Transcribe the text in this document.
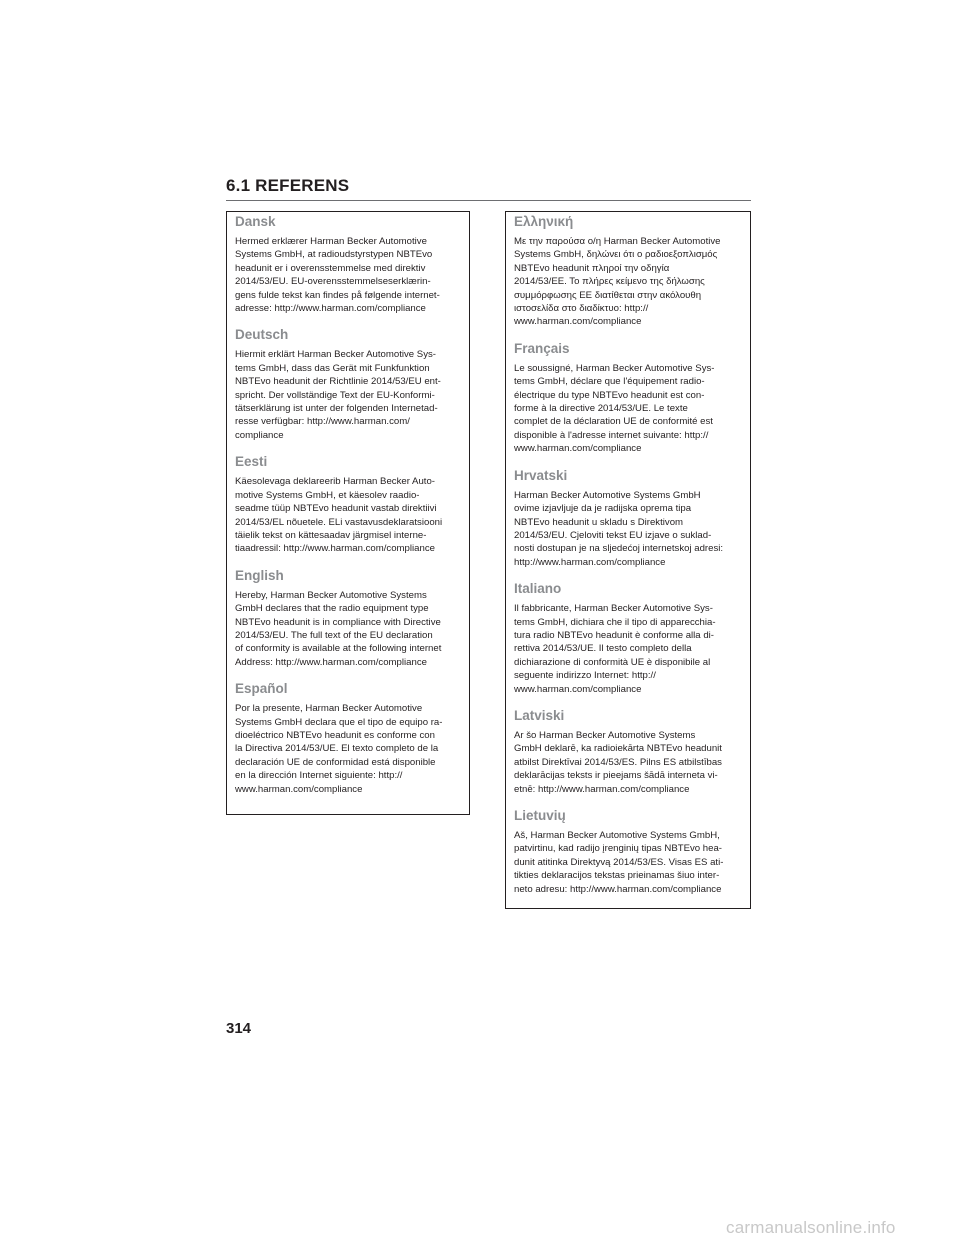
6.1 REFERENS
Dansk

Hermed erklærer Harman Becker Automotive
Systems GmbH, at radioudstyrstypen NBTEvo
headunit er i overensstemmelse med direktiv
2014/53/EU. EU-overensstemmelseserklærin-
gens fulde tekst kan findes på følgende internet-
adresse: http://www.harman.com/compliance

Deutsch

Hiermit erklärt Harman Becker Automotive Sys-
tems GmbH, dass das Gerät mit Funkfunktion
NBTEvo headunit der Richtlinie 2014/53/EU ent-
spricht. Der vollständige Text der EU-Konformi-
tätserklärung ist unter der folgenden Internetad-
resse verfügbar: http://www.harman.com/
compliance

Eesti

Käesolevaga deklareerib Harman Becker Auto-
motive Systems GmbH, et käesolev raadio-
seadme tüüp NBTEvo headunit vastab direktiivi
2014/53/EL nõuetele. ELi vastavusdeklaratsiooni
täielik tekst on kättesaadav järgmisel interne-
tiaadressil: http://www.harman.com/compliance

English

Hereby, Harman Becker Automotive Systems
GmbH declares that the radio equipment type
NBTEvo headunit is in compliance with Directive
2014/53/EU. The full text of the EU declaration
of conformity is available at the following internet
Address: http://www.harman.com/compliance

Español

Por la presente, Harman Becker Automotive
Systems GmbH declara que el tipo de equipo ra-
dioeléctrico NBTEvo headunit es conforme con
la Directiva 2014/53/UE. El texto completo de la
declaración UE de conformidad está disponible
en la dirección Internet siguiente: http://
www.harman.com/compliance

Ελληνική

Με την παρούσα ο/η Harman Becker Automotive
Systems GmbH, δηλώνει ότι ο ραδιοεξοπλισμός
NBTEvo headunit πληροί την οδηγία
2014/53/ΕΕ. Το πλήρες κείμενο της δήλωσης
συμμόρφωσης ΕΕ διατίθεται στην ακόλουθη
ιστοσελίδα στο διαδίκτυο: http://
www.harman.com/compliance

Français

Le soussigné, Harman Becker Automotive Sys-
tems GmbH, déclare que l'équipement radio-
électrique du type NBTEvo headunit est con-
forme à la directive 2014/53/UE. Le texte
complet de la déclaration UE de conformité est
disponible à l'adresse internet suivante: http://
www.harman.com/compliance

Hrvatski

Harman Becker Automotive Systems GmbH
ovime izjavljuje da je radijska oprema tipa
NBTEvo headunit u skladu s Direktivom
2014/53/EU. Cjeloviti tekst EU izjave o suklad-
nosti dostupan je na sljedećoj internetskoj adresi:
http://www.harman.com/compliance

Italiano

Il fabbricante, Harman Becker Automotive Sys-
tems GmbH, dichiara che il tipo di apparecchia-
tura radio NBTEvo headunit è conforme alla di-
rettiva 2014/53/UE. Il testo completo della
dichiarazione di conformità UE è disponibile al
seguente indirizzo Internet: http://
www.harman.com/compliance

Latviski

Ar šo Harman Becker Automotive Systems
GmbH deklarē, ka radioiekārta NBTEvo headunit
atbilst Direktīvai 2014/53/ES. Pilns ES atbilstības
deklarācijas teksts ir pieejams šādā interneta vi-
etnē: http://www.harman.com/compliance

Lietuvių

Aš, Harman Becker Automotive Systems GmbH,
patvirtinu, kad radijo įrenginių tipas NBTEvo hea-
dunit atitinka Direktyvą 2014/53/ES. Visas ES ati-
tikties deklaracijos tekstas prieinamas šiuo inter-
neto adresu: http://www.harman.com/compliance

314

carmanualsonline.info
